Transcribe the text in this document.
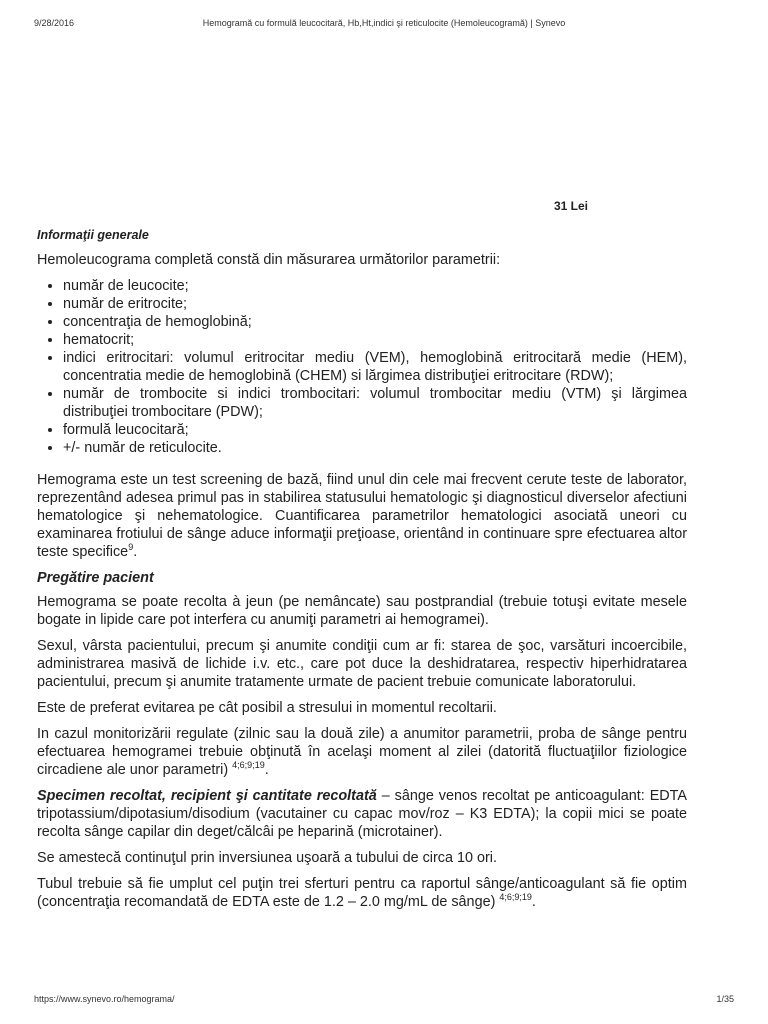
9/28/2016	Hemogramă cu formulă leucocitară, Hb,Ht,indici şi reticulocite (Hemoleucogramă) | Synevo
31 Lei
Informaţii generale

Hemoleucograma completă constă din măsurarea următorilor parametrii:

• număr de leucocite;
• număr de eritrocite;
• concentraţia de hemoglobină;
• hematocrit;
• indici eritrocitari: volumul eritrocitar mediu (VEM), hemoglobină eritrocitară medie (HEM), concentratia medie de hemoglobină (CHEM) si lărgimea distribuţiei eritrocitare (RDW);
• număr de trombocite si indici trombocitari: volumul trombocitar mediu (VTM) şi lărgimea distribuţiei trombocitare (PDW);
• formulă leucocitară;
• +/- număr de reticulocite.

Hemograma este un test screening de bază, fiind unul din cele mai frecvent cerute teste de laborator, reprezentând adesea primul pas in stabilirea statusului hematologic şi diagnosticul diverselor afectiuni hematologice şi nehematologice. Cuantificarea parametrilor hematologici asociată uneori cu examinarea frotiului de sânge aduce informaţii preţioase, orientând in continuare spre efectuarea altor teste specifice$^9$.

Pregătire pacient

Hemograma se poate recolta à jeun (pe nemâncate) sau postprandial (trebuie totuşi evitate mesele bogate in lipide care pot interfera cu anumiţi parametri ai hemogramei).

Sexul, vârsta pacientului, precum şi anumite condiţii cum ar fi: starea de şoc, varsături incoercibile, administrarea masivă de lichide i.v. etc., care pot duce la deshidratarea, respectiv hiperhidratarea pacientului, precum şi anumite tratamente urmate de pacient trebuie comunicate laboratorului.

Este de preferat evitarea pe cât posibil a stresului in momentul recoltarii.

In cazul monitorizării regulate (zilnic sau la două zile) a anumitor parametrii, proba de sânge pentru efectuarea hemogramei trebuie obţinută în acelaşi moment al zilei (datorită fluctuaţiilor fiziologice circadiene ale unor parametri) $^{4;6;9;19}$.

Specimen recoltat, recipient şi cantitate recoltată – sânge venos recoltat pe anticoagulant: EDTA tripotassium/dipotasium/disodium (vacutainer cu capac mov/roz – K3 EDTA); la copii mici se poate recolta sânge capilar din deget/călcâi pe heparină (microtainer).

Se amestecă continuţul prin inversiunea uşoară a tubului de circa 10 ori.

Tubul trebuie să fie umplut cel puţin trei sferturi pentru ca raportul sânge/anticoagulant să fie optim (concentraţia recomandată de EDTA este de 1.2 – 2.0 mg/mL de sânge) $^{4;6;9;19}$.

https://www.synevo.ro/hemograma/	1/35
